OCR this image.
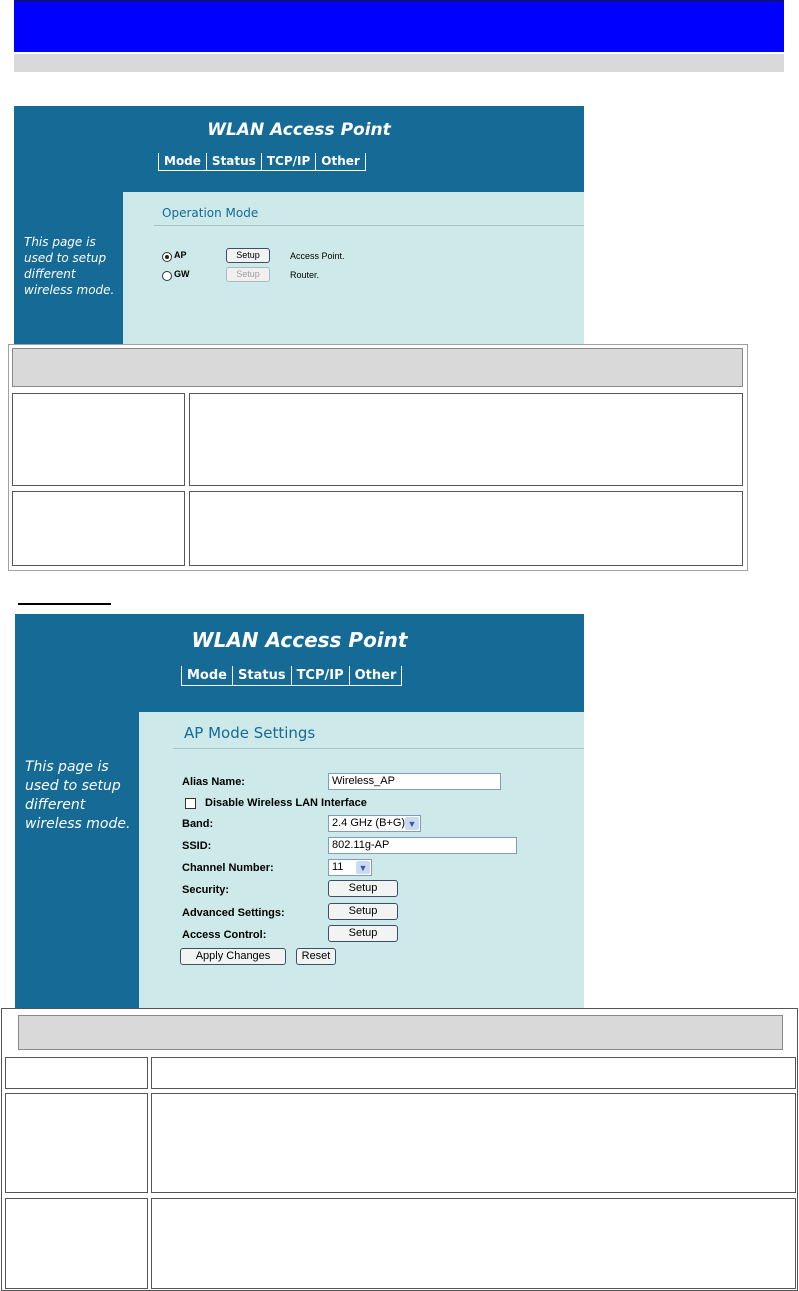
WLAN Access Point
Mode Status TCP/IP Other
This page is used to setup different wireless mode.
Operation Mode
AP	Setup	Access Point.
GW	Setup	Router.
WLAN Access Point
Mode Status TCP/IP Other
This page is used to setup different wireless mode.
AP Mode Settings
Alias Name:	Wireless_AP
Disable Wireless LAN Interface
Band:	2.4 GHz (B+G) ▼
SSID:	802.11g-AP
Channel Number:	11 ▼
Security:	Setup
Advanced Settings:	Setup
Access Control:	Setup
Apply Changes	Reset
